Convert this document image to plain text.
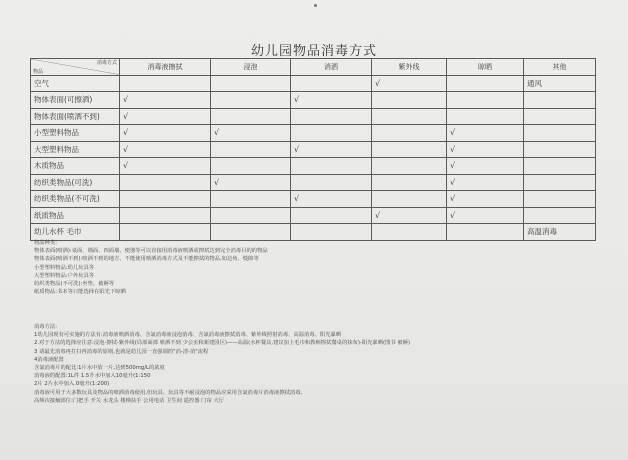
幼儿园物品消毒方式
消毒方式
物品	消毒液擦拭	浸泡	消洒	紫外线	晾晒	其他
空气				√		通风
物体表面(可擦洒)	√		√			
物体表面(喷洒不到)	√					
小型塑料物品	√	√			√	
大型塑料物品	√		√		√	
木质物品	√				√	
纺织类物品(可洗)		√			√	
纺织类物品(不可洗)			√		√	
纸质物品				√	√	
幼儿水杯 毛巾						高温消毒
物品种类:
物体表面(喷洒):桌面、墙面、四面墙、便器等可以直接用消毒液喷洒或擦拭达到完全消毒目的的物品
物体表面(喷洒不到):喷洒不到的地方、不能使用喷洒消毒方式及不能擦拭的物品,如边角、缝隙等
小型塑料物品:幼儿玩具等
大型塑料物品:户外玩具等
纺织类物品(不可洗):坐垫、被褥等
纸质物品:书本等只能选择在阳光下晾晒
消毒方法:
1幼儿园现有可实施的方法有:消毒液喷洒消毒、含氯消毒液浸泡消毒、含氯消毒液擦拭消毒、紫外线照射消毒、高温消毒、阳光暴晒
2.对于方法的选择应注意:浸泡-擦拭-紫外线(局部面部 喷洒不到 少公室和新建园区)——高温(水杯餐具,建议加上毛巾和教师擦拭餐桌的抹布)-阳光暴晒(图书 被褥)
3 请最先消毒再打扫再消毒的原则,也就是幼儿园一直强调的"消-清-消"流程
4消毒液配置
含氯消毒片的配比:1片水中放一片,达到500mg/L的浓度
消毒液的配置:1L件 1.5升水中加入10毫升(1:150
2片 2片水中加入.0毫升(1:200)
消毒液可用于大多数玩具及物品的喷洒消毒使用,但玩具、玩具等不耐浸泡的物品应采用含氯消毒片消毒液擦拭消毒,
高频次接触部位:门把手 开关 水龙头 楼梯扶手 公用电话 卫生间 遥控器 门帘 大厅
